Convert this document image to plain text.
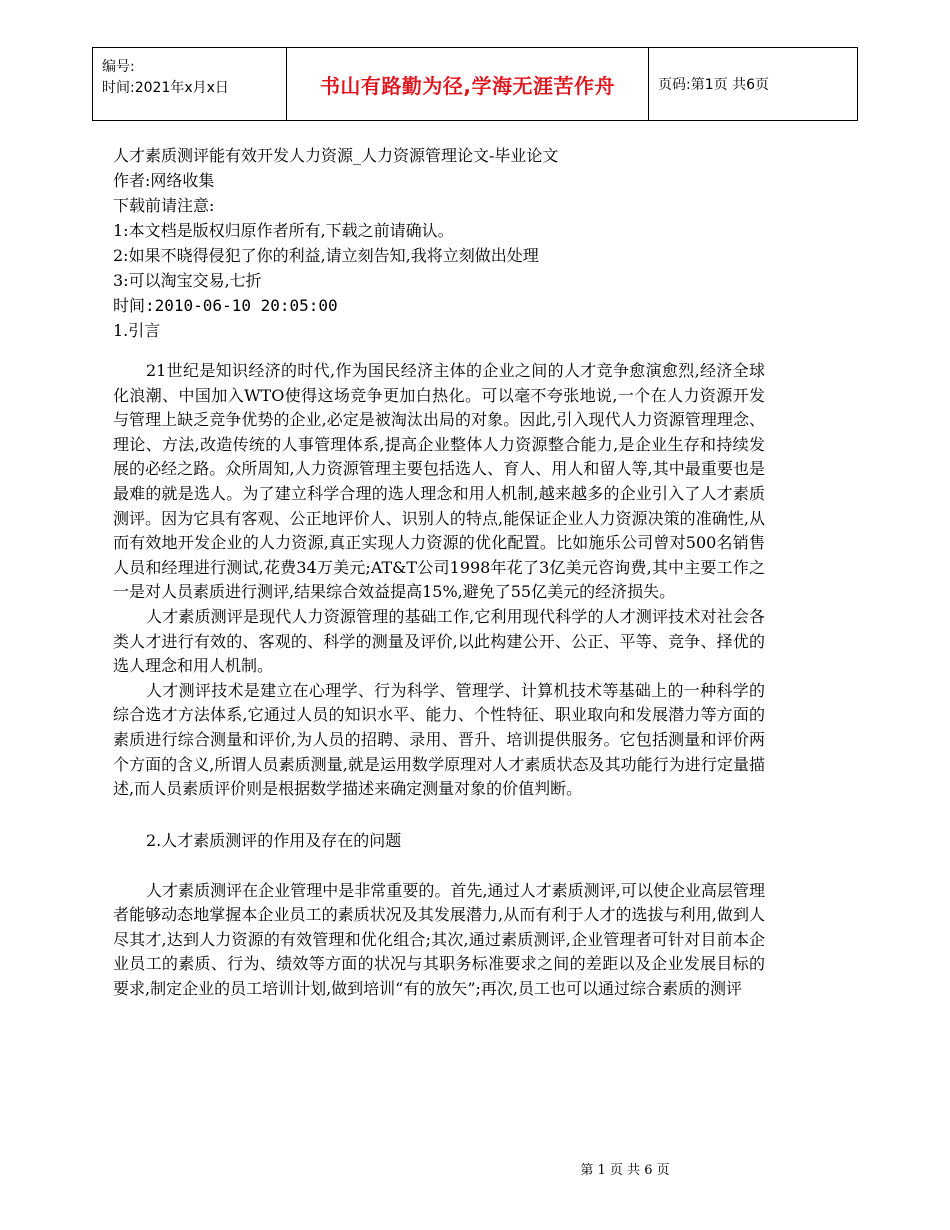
编号:
时间:2021年x月x日	书山有路勤为径,学海无涯苦作舟	页码:第1页 共6页
人才素质测评能有效开发人力资源_人力资源管理论文-毕业论文
作者:网络收集
下载前请注意:
1:本文档是版权归原作者所有,下载之前请确认。
2:如果不晓得侵犯了你的利益,请立刻告知,我将立刻做出处理
3:可以淘宝交易,七折
时间:2010-06-10 20:05:00
1.引言

21世纪是知识经济的时代,作为国民经济主体的企业之间的人才竞争愈演愈烈,经济全球化浪潮、中国加入WTO使得这场竞争更加白热化。可以毫不夸张地说,一个在人力资源开发与管理上缺乏竞争优势的企业,必定是被淘汰出局的对象。因此,引入现代人力资源管理理念、理论、方法,改造传统的人事管理体系,提高企业整体人力资源整合能力,是企业生存和持续发展的必经之路。众所周知,人力资源管理主要包括选人、育人、用人和留人等,其中最重要也是最难的就是选人。为了建立科学合理的选人理念和用人机制,越来越多的企业引入了人才素质测评。因为它具有客观、公正地评价人、识别人的特点,能保证企业人力资源决策的准确性,从而有效地开发企业的人力资源,真正实现人力资源的优化配置。比如施乐公司曾对500名销售人员和经理进行测试,花费34万美元;AT&T公司1998年花了3亿美元咨询费,其中主要工作之一是对人员素质进行测评,结果综合效益提高15%,避免了55亿美元的经济损失。

人才素质测评是现代人力资源管理的基础工作,它利用现代科学的人才测评技术对社会各类人才进行有效的、客观的、科学的测量及评价,以此构建公开、公正、平等、竞争、择优的选人理念和用人机制。

人才测评技术是建立在心理学、行为科学、管理学、计算机技术等基础上的一种科学的综合选才方法体系,它通过人员的知识水平、能力、个性特征、职业取向和发展潜力等方面的素质进行综合测量和评价,为人员的招聘、录用、晋升、培训提供服务。它包括测量和评价两个方面的含义,所谓人员素质测量,就是运用数学原理对人才素质状态及其功能行为进行定量描述,而人员素质评价则是根据数学描述来确定测量对象的价值判断。

2.人才素质测评的作用及存在的问题

人才素质测评在企业管理中是非常重要的。首先,通过人才素质测评,可以使企业高层管理者能够动态地掌握本企业员工的素质状况及其发展潜力,从而有利于人才的选拔与利用,做到人尽其才,达到人力资源的有效管理和优化组合;其次,通过素质测评,企业管理者可针对目前本企业员工的素质、行为、绩效等方面的状况与其职务标准要求之间的差距以及企业发展目标的要求,制定企业的员工培训计划,做到培训“有的放矢”;再次,员工也可以通过综合素质的测评

第 1 页 共 6 页
